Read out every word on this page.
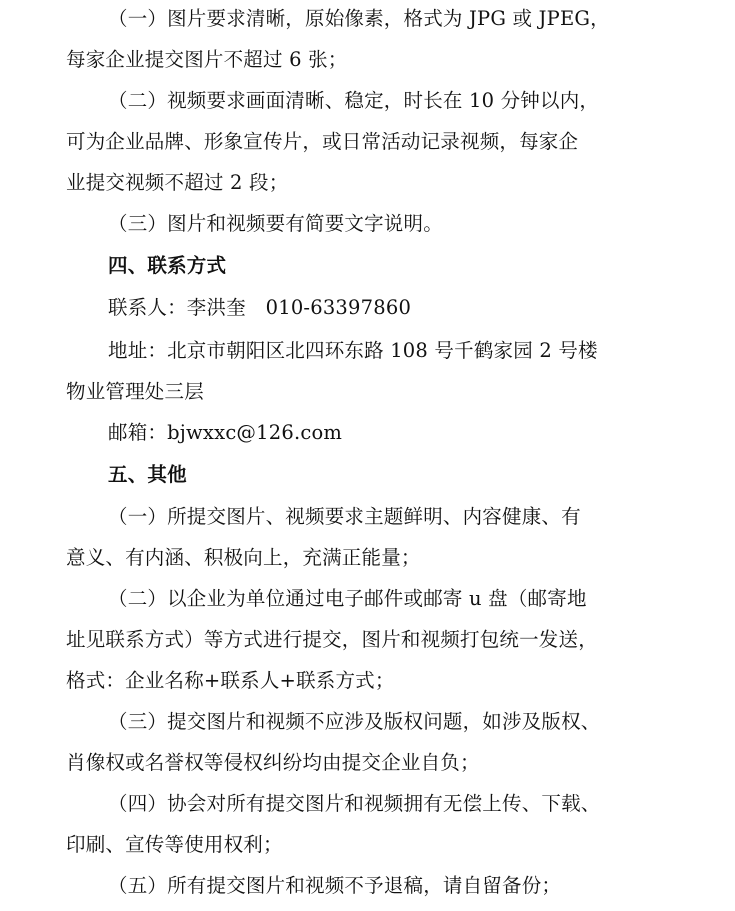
（一）图片要求清晰，原始像素，格式为 JPG 或 JPEG，
每家企业提交图片不超过 6 张；
（二）视频要求画面清晰、稳定，时长在 10 分钟以内，
可为企业品牌、形象宣传片，或日常活动记录视频，每家企
业提交视频不超过 2 段；
（三）图片和视频要有简要文字说明。
四、联系方式
联系人：李洪奎　010-63397860
地址：北京市朝阳区北四环东路 108 号千鹤家园 2 号楼
物业管理处三层
邮箱：bjwxxc@126.com
五、其他
（一）所提交图片、视频要求主题鲜明、内容健康、有
意义、有内涵、积极向上，充满正能量；
（二）以企业为单位通过电子邮件或邮寄 u 盘（邮寄地
址见联系方式）等方式进行提交，图片和视频打包统一发送，
格式：企业名称+联系人+联系方式；
（三）提交图片和视频不应涉及版权问题，如涉及版权、
肖像权或名誉权等侵权纠纷均由提交企业自负；
（四）协会对所有提交图片和视频拥有无偿上传、下载、
印刷、宣传等使用权利；
（五）所有提交图片和视频不予退稿，请自留备份；
